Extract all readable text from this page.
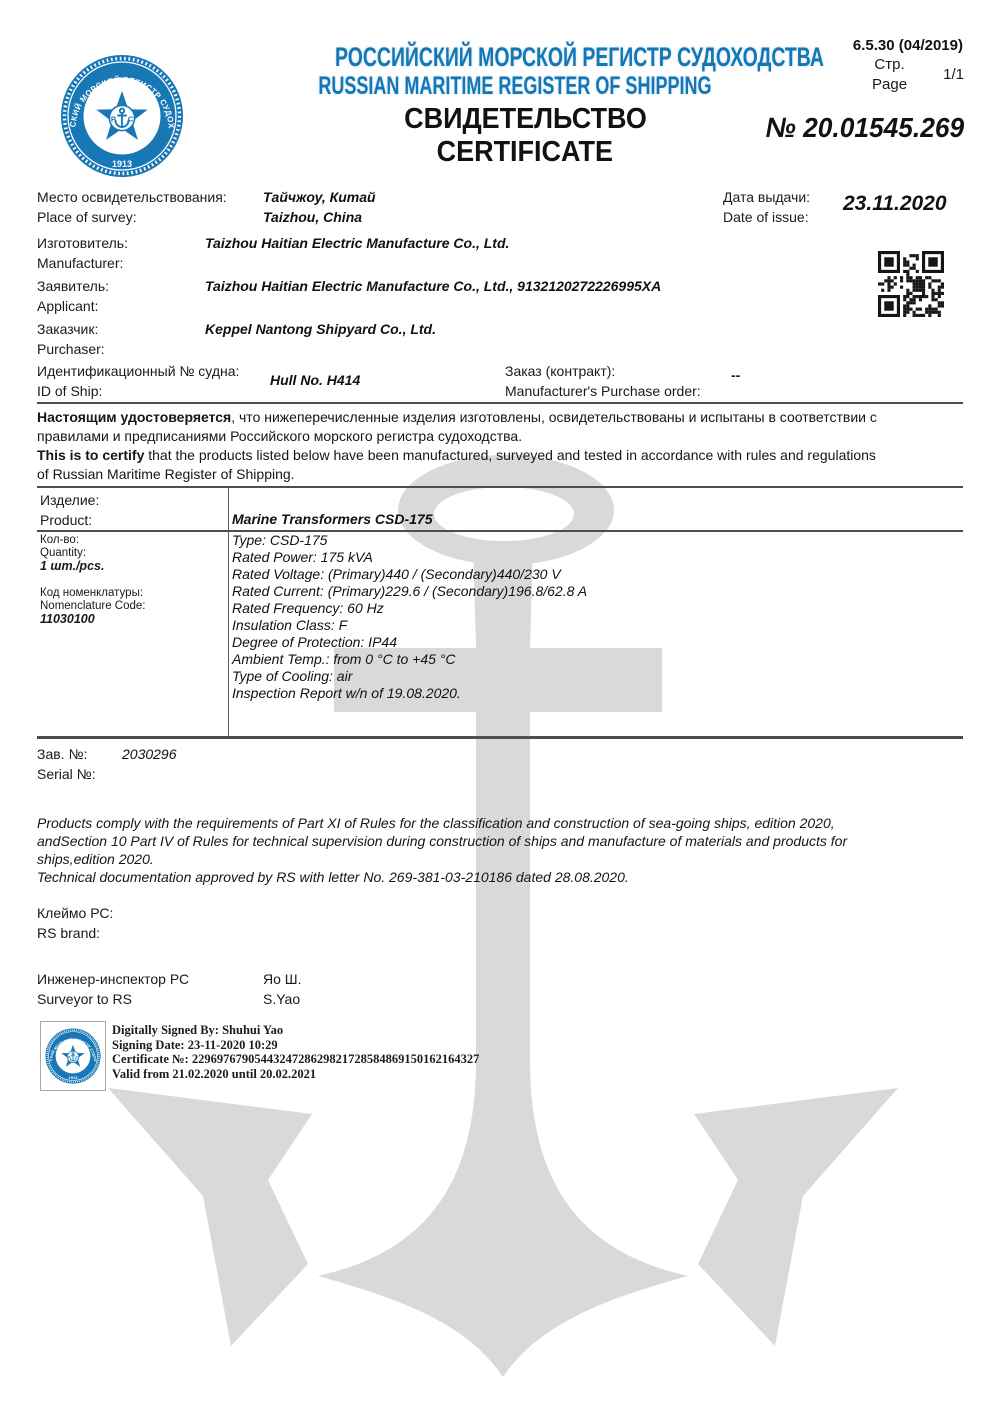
РОССИЙСКИЙ МОРСКОЙ РЕГИСТР СУДОХОДСТВА
RUSSIAN MARITIME REGISTER OF SHIPPING
СВИДЕТЕЛЬСТВО
CERTIFICATE
6.5.30 (04/2019)
Стр.
Page
1/1
№ 20.01545.269
Место освидетельствования:
Place of survey:
Тайчжоу, Китай
Taizhou, China
Дата выдачи:
Date of issue:
23.11.2020
Изготовитель:
Manufacturer:
Taizhou Haitian Electric Manufacture Co., Ltd.
Заявитель:
Applicant:
Taizhou Haitian Electric Manufacture Co., Ltd., 9132120272226995XA
Заказчик:
Purchaser:
Keppel Nantong Shipyard Co., Ltd.
Идентификационный № судна:
ID of Ship:
Hull No. H414
Заказ (контракт):
Manufacturer's Purchase order:
--
Настоящим удостоверяется, что нижеперечисленные изделия изготовлены, освидетельствованы и испытаны в соответствии с
правилами и предписаниями Российского морского регистра судоходства.
This is to certify that the products listed below have been manufactured, surveyed and tested in accordance with rules and regulations
of Russian Maritime Register of Shipping.
Изделие:
Product:	Marine Transformers CSD-175
Кол-во:
Quantity:
1 шт./pcs.
Код номенклатуры:
Nomenclature Code:
11030100
Type: CSD-175
Rated Power: 175 kVA
Rated Voltage: (Primary)440 / (Secondary)440/230 V
Rated Current: (Primary)229.6 / (Secondary)196.8/62.8 A
Rated Frequency: 60 Hz
Insulation Class: F
Degree of Protection: IP44
Ambient Temp.: from 0 °C to +45 °C
Type of Cooling: air
Inspection Report w/n of 19.08.2020.
Зав. №: 2030296
Serial №:
Products comply with the requirements of Part XI of Rules for the classification and construction of sea-going ships, edition 2020,
andSection 10 Part IV of Rules for technical supervision during construction of ships and manufacture of materials and products for
ships,edition 2020.
Technical documentation approved by RS with letter No. 269-381-03-210186 dated 28.08.2020.
Клеймо РС:
RS brand:
Инженер-инспектор РС
Surveyor to RS
Яо Ш.
S.Yao
Digitally Signed By: Shuhui Yao
Signing Date: 23-11-2020 10:29
Certificate №: 2296976790544324728629821728584869150162164327
Valid from 21.02.2020 until 20.02.2021
